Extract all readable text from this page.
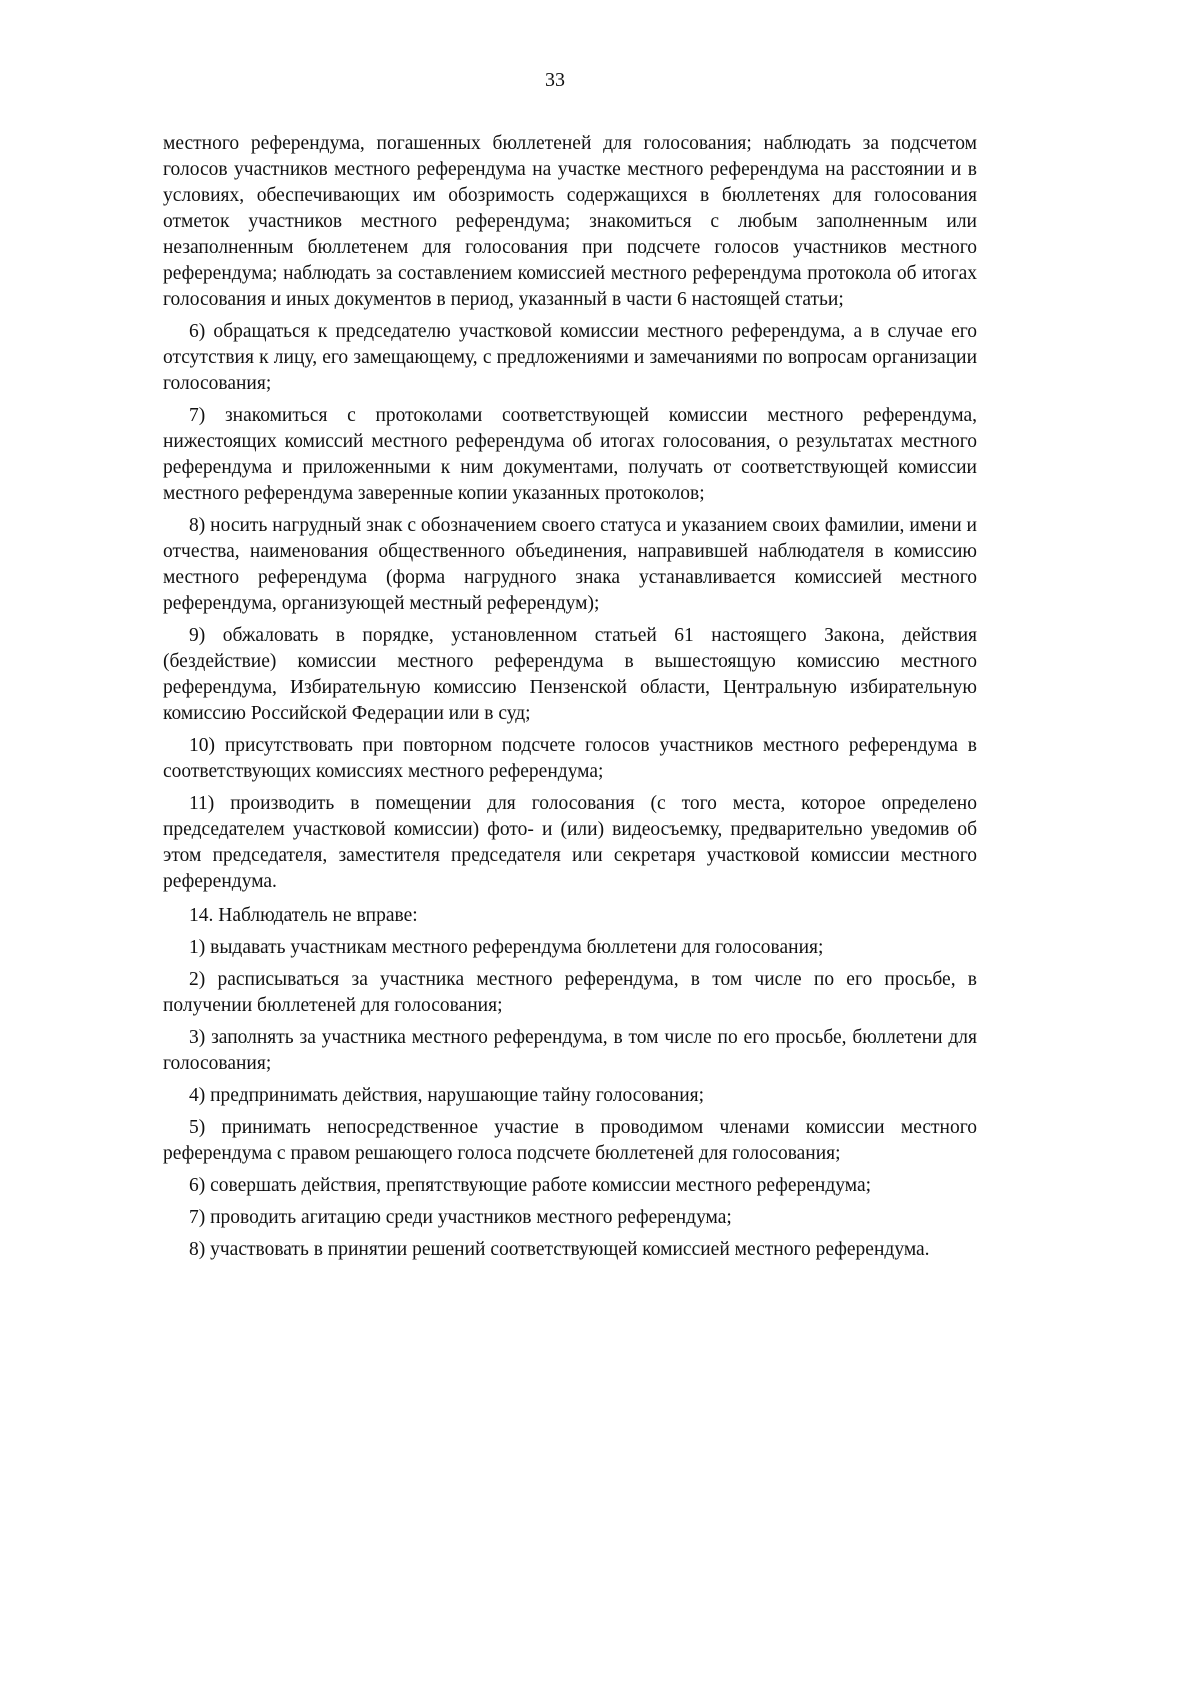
33

местного референдума, погашенных бюллетеней для голосования; наблюдать за подсчетом голосов участников местного референдума на участке местного референдума на расстоянии и в условиях, обеспечивающих им обозримость содержащихся в бюллетенях для голосования отметок участников местного референдума; знакомиться с любым заполненным или незаполненным бюллетенем для голосования при подсчете голосов участников местного референдума; наблюдать за составлением комиссией местного референдума протокола об итогах голосования и иных документов в период, указанный в части 6 настоящей статьи;

6) обращаться к председателю участковой комиссии местного референдума, а в случае его отсутствия к лицу, его замещающему, с предложениями и замечаниями по вопросам организации голосования;

7) знакомиться с протоколами соответствующей комиссии местного референдума, нижестоящих комиссий местного референдума об итогах голосования, о результатах местного референдума и приложенными к ним документами, получать от соответствующей комиссии местного референдума заверенные копии указанных протоколов;

8) носить нагрудный знак с обозначением своего статуса и указанием своих фамилии, имени и отчества, наименования общественного объединения, направившей наблюдателя в комиссию местного референдума (форма нагрудного знака устанавливается комиссией местного референдума, организующей местный референдум);

9) обжаловать в порядке, установленном статьей 61 настоящего Закона, действия (бездействие) комиссии местного референдума в вышестоящую комиссию местного референдума, Избирательную комиссию Пензенской области, Центральную избирательную комиссию Российской Федерации или в суд;

10) присутствовать при повторном подсчете голосов участников местного референдума в соответствующих комиссиях местного референдума;

11) производить в помещении для голосования (с того места, которое определено председателем участковой комиссии) фото- и (или) видеосъемку, предварительно уведомив об этом председателя, заместителя председателя или секретаря участковой комиссии местного референдума.

14. Наблюдатель не вправе:

1) выдавать участникам местного референдума бюллетени для голосования;

2) расписываться за участника местного референдума, в том числе по его просьбе, в получении бюллетеней для голосования;

3) заполнять за участника местного референдума, в том числе по его просьбе, бюллетени для голосования;

4) предпринимать действия, нарушающие тайну голосования;

5) принимать непосредственное участие в проводимом членами комиссии местного референдума с правом решающего голоса подсчете бюллетеней для голосования;

6) совершать действия, препятствующие работе комиссии местного референдума;

7) проводить агитацию среди участников местного референдума;

8) участвовать в принятии решений соответствующей комиссией местного референдума.
